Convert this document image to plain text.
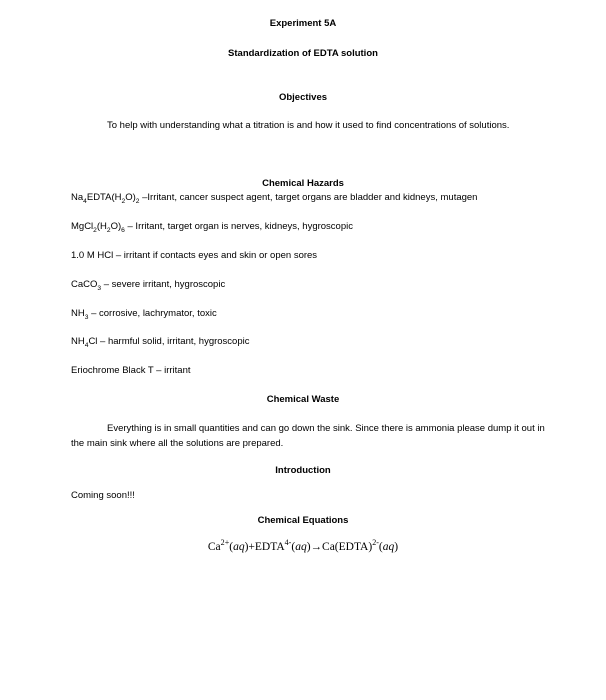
Experiment 5A
Standardization of EDTA solution
Objectives
To help with understanding what a titration is and how it used to find concentrations of solutions.
Chemical Hazards
$Na_4EDTA(H_2O)_2$ –Irritant, cancer suspect agent, target organs are bladder and kidneys, mutagen
$MgCl_2(H_2O)_6$ – Irritant, target organ is nerves, kidneys, hygroscopic
1.0 M HCl – irritant if contacts eyes and skin or open sores
CaCO$_3$ – severe irritant, hygroscopic
$NH_3$ – corrosive, lachrymator, toxic
$NH_4Cl$ – harmful solid, irritant, hygroscopic
Eriochrome Black T – irritant
Chemical Waste
Everything is in small quantities and can go down the sink. Since there is ammonia please dump it out in the main sink where all the solutions are prepared.
Introduction
Coming soon!!!
Chemical Equations
$Ca^{2+}(aq)+EDTA^{4-}(aq)\to Ca(EDTA)^{2-}(aq)$
